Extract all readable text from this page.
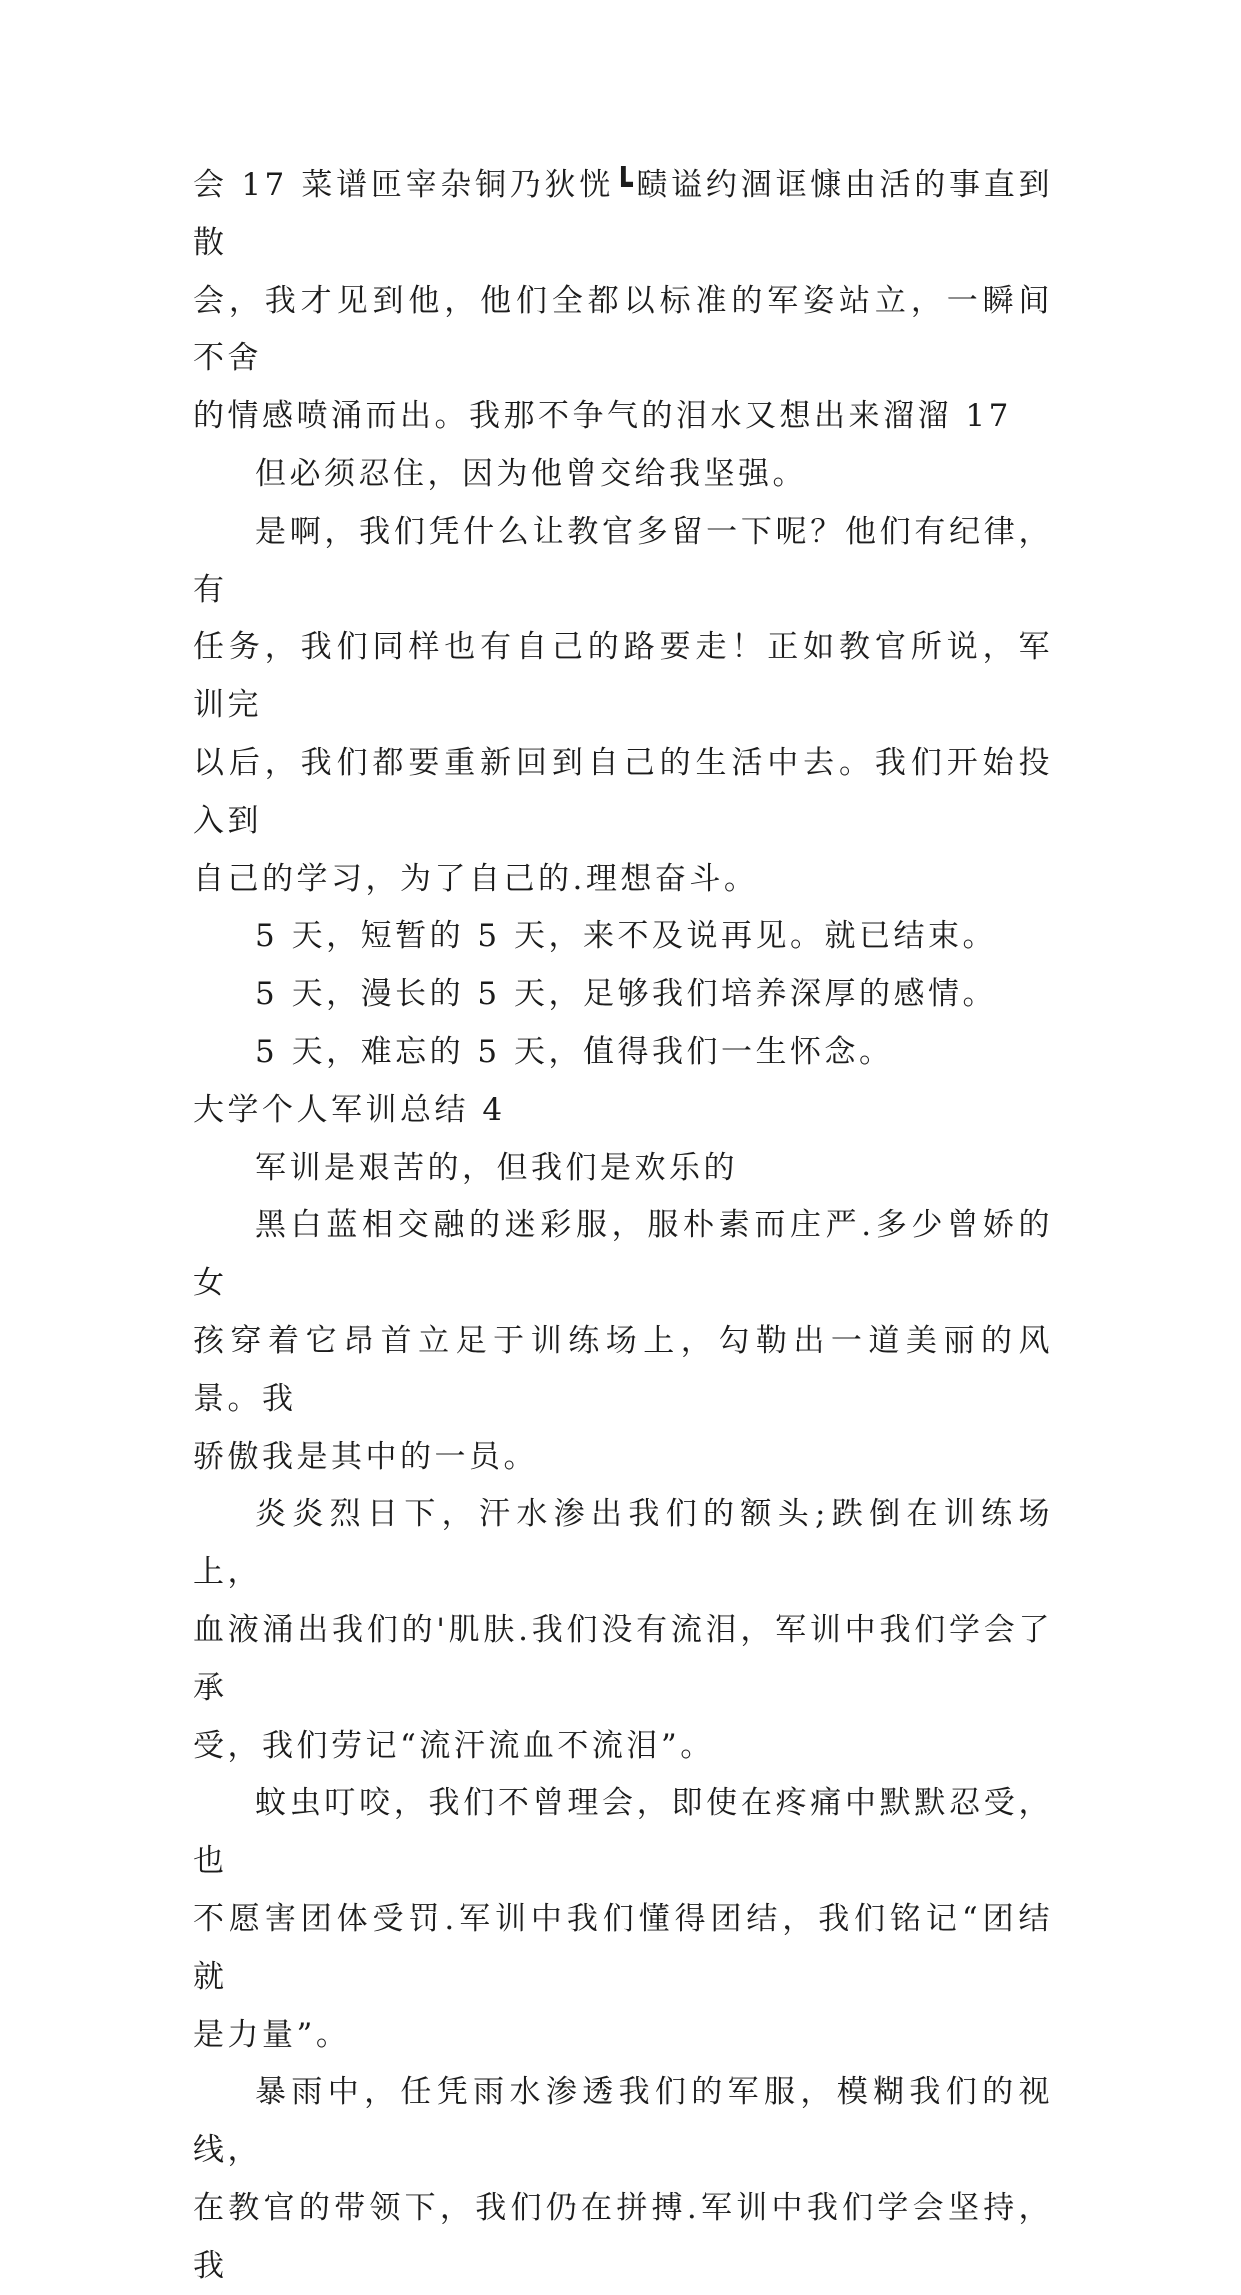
会 17 菜谱匝宰杂铜乃狄恍┗赜谥约涸诓慷由活的事直到散
会，我才见到他，他们全都以标准的军姿站立，一瞬间不舍
的情感喷涌而出。我那不争气的泪水又想出来溜溜 17

但必须忍住，因为他曾交给我坚强。

是啊，我们凭什么让教官多留一下呢？他们有纪律，有
任务，我们同样也有自己的路要走！正如教官所说，军训完
以后，我们都要重新回到自己的生活中去。我们开始投入到
自己的学习，为了自己的.理想奋斗。

5 天，短暂的 5 天，来不及说再见。就已结束。

5 天，漫长的 5 天，足够我们培养深厚的感情。

5 天，难忘的 5 天，值得我们一生怀念。

大学个人军训总结 4

军训是艰苦的，但我们是欢乐的

黑白蓝相交融的迷彩服，服朴素而庄严.多少曾娇的女
孩穿着它昂首立足于训练场上，勾勒出一道美丽的风景。我
骄傲我是其中的一员。

炎炎烈日下，汗水渗出我们的额头;跌倒在训练场上，
血液涌出我们的'肌肤.我们没有流泪，军训中我们学会了承
受，我们劳记“流汗流血不流泪”。

蚊虫叮咬，我们不曾理会，即使在疼痛中默默忍受，也
不愿害团体受罚.军训中我们懂得团结，我们铭记“团结就
是力量”。

暴雨中，任凭雨水渗透我们的军服，模糊我们的视线，
在教官的带领下，我们仍在拼搏.军训中我们学会坚持，我
